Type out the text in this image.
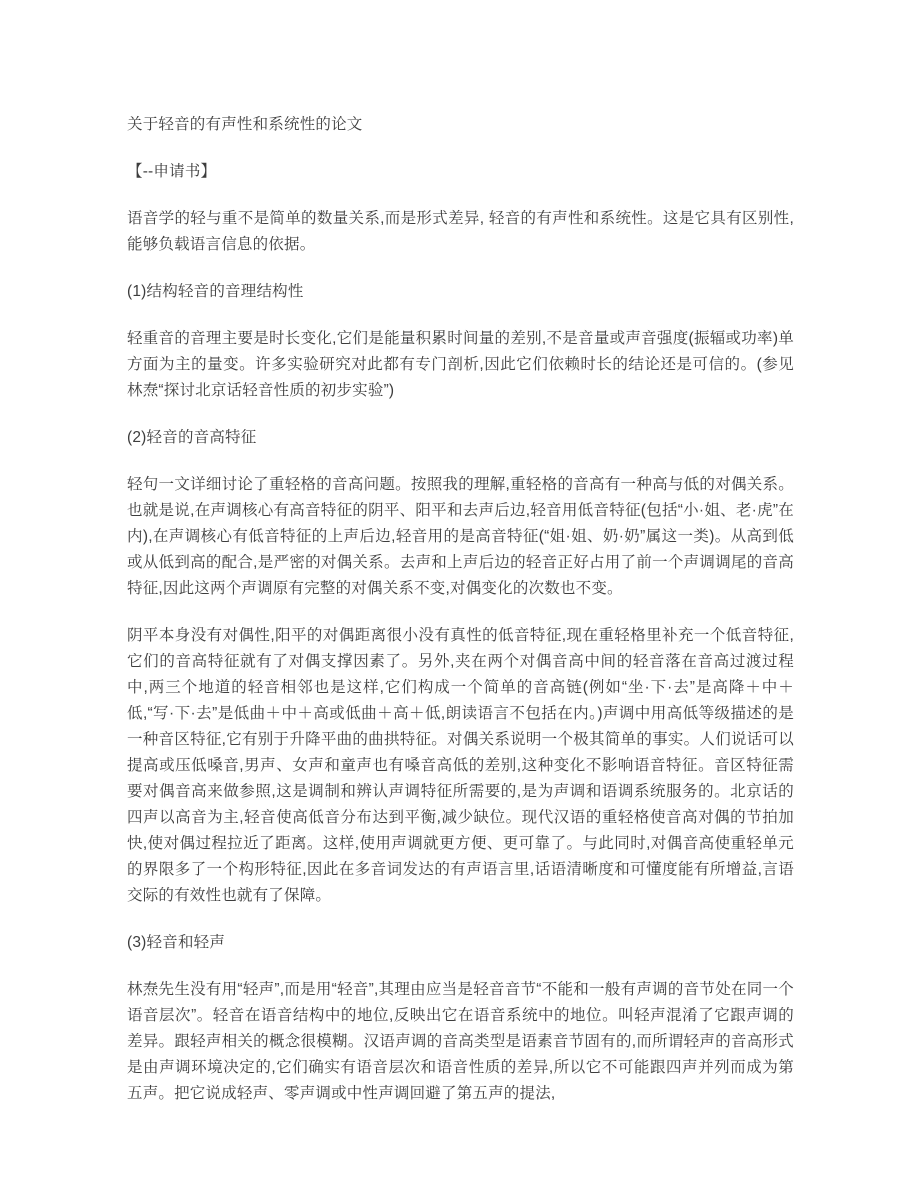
关于轻音的有声性和系统性的论文

【--申请书】

语音学的轻与重不是简单的数量关系,而是形式差异, 轻音的有声性和系统性。这是它具有区别性,能够负载语言信息的依据。

(1)结构轻音的音理结构性

轻重音的音理主要是时长变化,它们是能量积累时间量的差别,不是音量或声音强度(振辐或功率)单方面为主的量变。许多实验研究对此都有专门剖析,因此它们依赖时长的结论还是可信的。(参见林焘“探讨北京话轻音性质的初步实验”)

(2)轻音的音高特征

轻句一文详细讨论了重轻格的音高问题。按照我的理解,重轻格的音高有一种高与低的对偶关系。也就是说,在声调核心有高音特征的阴平、阳平和去声后边,轻音用低音特征(包括“小·姐、老·虎”在内),在声调核心有低音特征的上声后边,轻音用的是高音特征(“姐·姐、奶·奶”属这一类)。从高到低或从低到高的配合,是严密的对偶关系。去声和上声后边的轻音正好占用了前一个声调调尾的音高特征,因此这两个声调原有完整的对偶关系不变,对偶变化的次数也不变。

阴平本身没有对偶性,阳平的对偶距离很小没有真性的低音特征,现在重轻格里补充一个低音特征,它们的音高特征就有了对偶支撑因素了。另外,夹在两个对偶音高中间的轻音落在音高过渡过程中,两三个地道的轻音相邻也是这样,它们构成一个简单的音高链(例如“坐·下·去”是高降＋中＋低,“写·下·去”是低曲＋中＋高或低曲＋高＋低,朗读语言不包括在内。)声调中用高低等级描述的是一种音区特征,它有别于升降平曲的曲拱特征。对偶关系说明一个极其简单的事实。人们说话可以提高或压低嗓音,男声、女声和童声也有嗓音高低的差别,这种变化不影响语音特征。音区特征需要对偶音高来做参照,这是调制和辨认声调特征所需要的,是为声调和语调系统服务的。北京话的四声以高音为主,轻音使高低音分布达到平衡,减少缺位。现代汉语的重轻格使音高对偶的节拍加快,使对偶过程拉近了距离。这样,使用声调就更方便、更可靠了。与此同时,对偶音高使重轻单元的界限多了一个构形特征,因此在多音词发达的有声语言里,话语清晰度和可懂度能有所增益,言语交际的有效性也就有了保障。

(3)轻音和轻声

林焘先生没有用“轻声”,而是用“轻音”,其理由应当是轻音音节“不能和一般有声调的音节处在同一个语音层次”。轻音在语音结构中的地位,反映出它在语音系统中的地位。叫轻声混淆了它跟声调的差异。跟轻声相关的概念很模糊。汉语声调的音高类型是语素音节固有的,而所谓轻声的音高形式是由声调环境决定的,它们确实有语音层次和语音性质的差异,所以它不可能跟四声并列而成为第五声。把它说成轻声、零声调或中性声调回避了第五声的提法,
